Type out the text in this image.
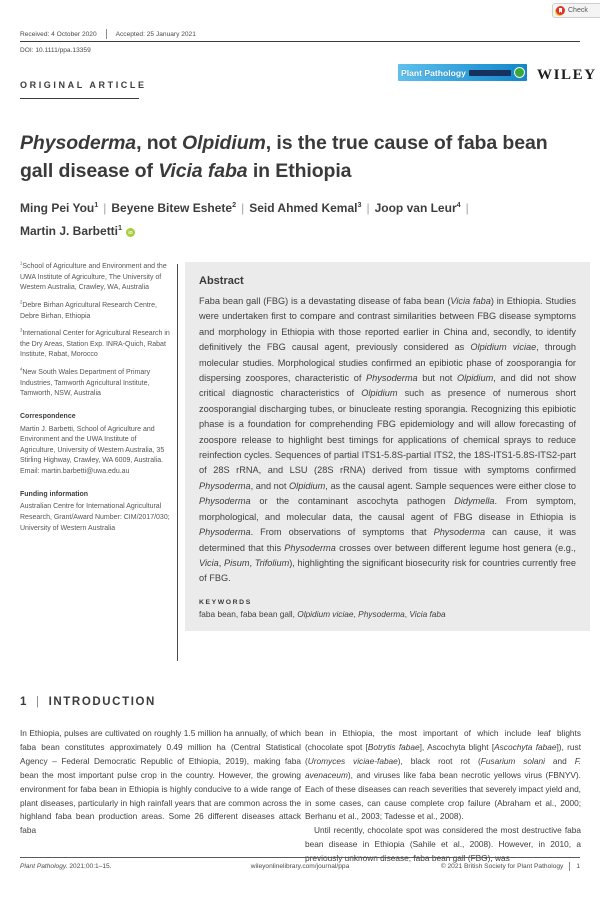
Check
Received: 4 October 2020	Accepted: 25 January 2021
DOI: 10.1111/ppa.13359
ORIGINAL ARTICLE
Plant Pathology	WILEY
Physoderma, not Olpidium, is the true cause of faba bean gall disease of Vicia faba in Ethiopia
Ming Pei You$^1$ | Beyene Bitew Eshete$^2$ | Seid Ahmed Kemal$^3$ | Joop van Leur$^4$ |
Martin J. Barbetti$^1$iD

$^1$School of Agriculture and Environment and the UWA Institute of Agriculture, The University of Western Australia, Crawley, WA, Australia

$^2$Debre Birhan Agricultural Research Centre, Debre Birhan, Ethiopia

$^3$International Center for Agricultural Research in the Dry Areas, Station Exp. INRA-Quich, Rabat Institute, Rabat, Morocco

$^4$New South Wales Department of Primary Industries, Tamworth Agricultural Institute, Tamworth, NSW, Australia

Correspondence

Martin J. Barbetti, School of Agriculture and Environment and the UWA Institute of Agriculture, University of Western Australia, 35 Stirling Highway, Crawley, WA 6009, Australia.

Email: martin.barbetti@uwa.edu.au

Funding information

Australian Centre for International Agricultural Research, Grant/Award Number: CIM/2017/030; University of Western Australia

Abstract

Faba bean gall (FBG) is a devastating disease of faba bean (Vicia faba) in Ethiopia. Studies were undertaken first to compare and contrast similarities between FBG disease symptoms and morphology in Ethiopia with those reported earlier in China and, secondly, to identify definitively the FBG causal agent, previously considered as Olpidium viciae, through molecular studies. Morphological studies confirmed an epibiotic phase of zoosporangia for dispersing zoospores, characteristic of Physoderma but not Olpidium, and did not show critical diagnostic characteristics of Olpidium such as presence of numerous short zoosporangial discharging tubes, or binucleate resting sporangia. Recognizing this epibiotic phase is a foundation for comprehending FBG epidemiology and will allow forecasting of zoospore release to highlight best timings for applications of chemical sprays to reduce reinfection cycles. Sequences of partial ITS1-5.8S-partial ITS2, the 18S-ITS1-5.8S-ITS2-part of 28S rRNA, and LSU (28S rRNA) derived from tissue with symptoms confirmed Physoderma, and not Olpidium, as the causal agent. Sample sequences were either close to Physoderma or the contaminant ascochyta pathogen Didymella. From symptom, morphological, and molecular data, the causal agent of FBG disease in Ethiopia is Physoderma. From observations of symptoms that Physoderma can cause, it was determined that this Physoderma crosses over between different legume host genera (e.g., Vicia, Pisum, Trifolium), highlighting the significant biosecurity risk for countries currently free of FBG.

KEYWORDS

faba bean, faba bean gall, Olpidium viciae, Physoderma, Vicia faba

1 | INTRODUCTION

In Ethiopia, pulses are cultivated on roughly 1.5 million ha annually, of which faba bean constitutes approximately 0.49 million ha (Central Statistical Agency – Federal Democratic Republic of Ethiopia, 2019), making faba bean the most important pulse crop in the country. However, the growing environment for faba bean in Ethiopia is highly conducive to a wide range of plant diseases, particularly in high rainfall years that are common across the highland faba bean production areas. Some 26 different diseases attack faba

bean in Ethiopia, the most important of which include leaf blights (chocolate spot [Botrytis fabae], Ascochyta blight [Ascochyta fabae]), rust (Uromyces viciae-fabae), black root rot (Fusarium solani and F. avenaceum), and viruses like faba bean necrotic yellows virus (FBNYV). Each of these diseases can reach severities that severely impact yield and, in some cases, can cause complete crop failure (Abraham et al., 2000; Berhanu et al., 2003; Tadesse et al., 2008).

Until recently, chocolate spot was considered the most destructive faba bean disease in Ethiopia (Sahile et al., 2008). However, in 2010, a previously unknown disease, faba bean gall (FBG), was

Plant Pathology. 2021;00:1–15.	wileyonlinelibrary.com/journal/ppa	© 2021 British Society for Plant Pathology 1
